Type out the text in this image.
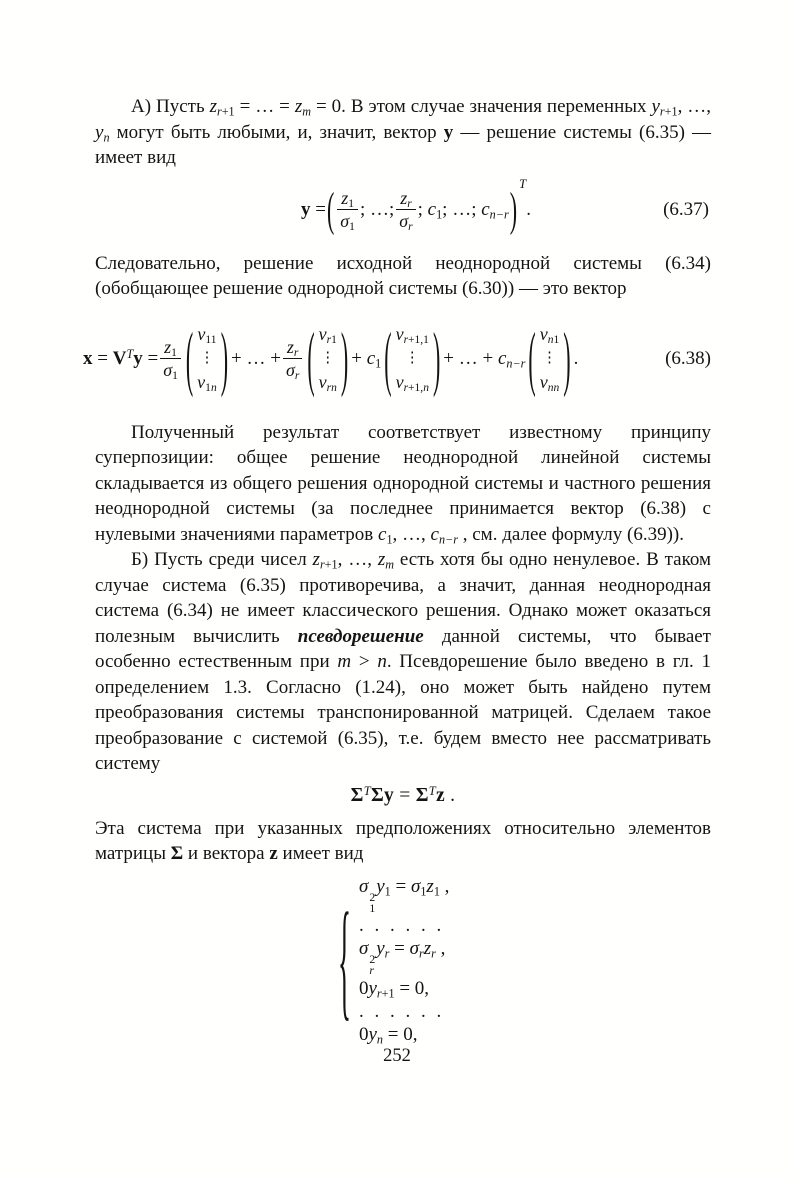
А) Пусть $z_{r+1}$ = … = $z_m = 0$. В этом случае значения переменных $y_{r+1}$, …, $y_n$ могут быть любыми, и, значит, вектор y — решение системы (6.35) — имеет вид

y = ( $\frac{z_1}{\sigma_1}$ ; …; $\frac{z_r}{\sigma_r}$ ; $c_1$; …; $c_{n-r}$ ) T
.	(6.37)

Следовательно, решение исходной неоднородной системы (6.34) (обобщающее решение однородной системы (6.30)) — это вектор

$x = V^Ty = \frac{z_1}{\sigma_1}$ ( $v_{11}$
⋮
$v_{1n}$ ) + … + $\frac{z_r}{\sigma_r}$ ( $v_{r1}$
⋮
$v_{rn}$ ) + $c_1$ ( $v_{r+1,1}$
⋮
$v_{r+1,n}$ ) + … + $c_{n-r}$ ( $v_{n1}$
⋮
$v_{nn}$ ) .	(6.38)

Полученный результат соответствует известному принципу суперпозиции: общее решение неоднородной линейной системы складывается из общего решения однородной системы и частного решения неоднородной системы (за последнее принимается вектор (6.38) с нулевыми значениями параметров $c_1$, …, $c_{n-r}$ , см. далее формулу (6.39)).

Б) Пусть среди чисел $z_{r+1}$, …, $z_m$ есть хотя бы одно ненулевое. В таком случае система (6.35) противоречива, а значит, данная неоднородная система (6.34) не имеет классического решения. Однако может оказаться полезным вычислить псевдорешение данной системы, что бывает особенно естественным при m > n. Псевдорешение было введено в гл. 1 определением 1.3. Согласно (1.24), оно может быть найдено путем преобразования системы транспонированной матрицей. Сделаем такое преобразование с системой (6.35), т.е. будем вместо нее рассматривать систему

$\Sigma^T\Sigma y = \Sigma^Tz$ .

Эта система при указанных предположениях относительно элементов матрицы Σ и вектора z имеет вид

{ σ
2
1
$y_1 = \sigma_1z_1$ ,
. . . . . .
σ
2
r
$y_r = \sigma_rz_r$ ,
$0y_{r+1} = 0$,
. . . . . .
$0y_n = 0$,
252
